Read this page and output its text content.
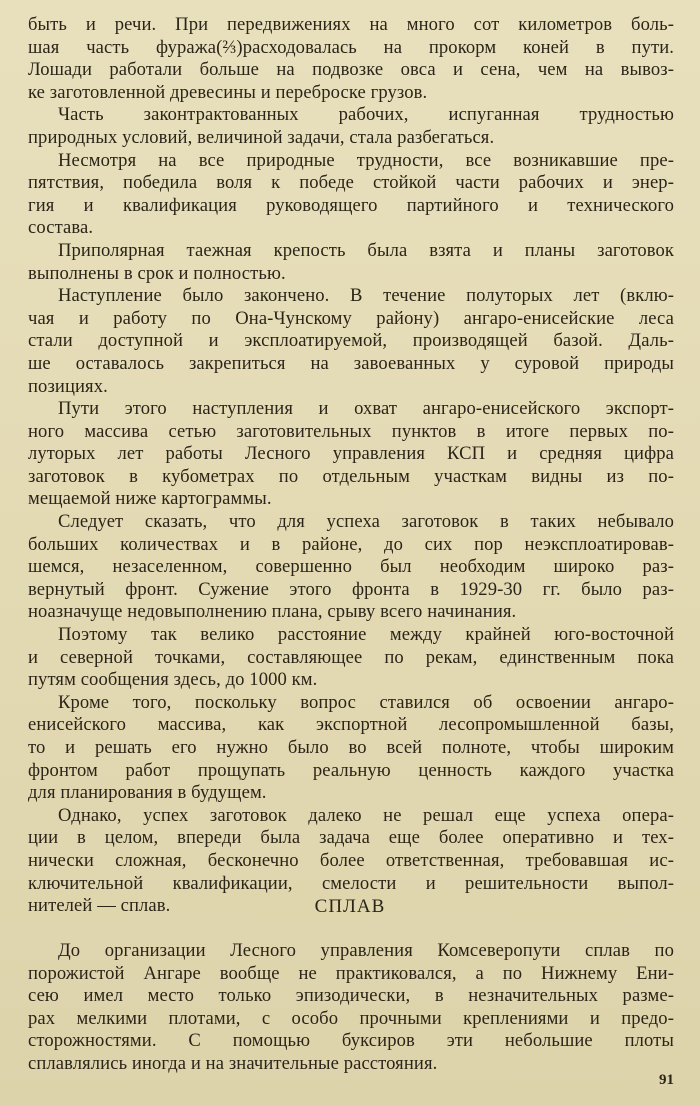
быть и речи. При передвижениях на много сот километров боль-
шая часть фуража(⅔)расходовалась на прокорм коней в пути.
Лошади работали больше на подвозке овса и сена, чем на вывоз-
ке заготовленной древесины и переброске грузов.
Часть законтрактованных рабочих, испуганная трудностью
природных условий, величиной задачи, стала разбегаться.
Несмотря на все природные трудности, все возникавшие пре-
пятствия, победила воля к победе стойкой части рабочих и энер-
гия и квалификация руководящего партийного и технического
состава.
Приполярная таежная крепость была взята и планы заготовок
выполнены в срок и полностью.
Наступление было закончено. В течение полуторых лет (вклю-
чая и работу по Она-Чунскому району) ангаро-енисейские леса
стали доступной и эксплоатируемой, производящей базой. Даль-
ше оставалось закрепиться на завоеванных у суровой природы
позициях.
Пути этого наступления и охват ангаро-енисейского экспорт-
ного массива сетью заготовительных пунктов в итоге первых по-
луторых лет работы Лесного управления КСП и средняя цифра
заготовок в кубометрах по отдельным участкам видны из по-
мещаемой ниже картограммы.
Следует сказать, что для успеха заготовок в таких небывало
больших количествах и в районе, до сих пор неэксплоатировав-
шемся, незаселенном, совершенно был необходим широко раз-
вернутый фронт. Сужение этого фронта в 1929-30 гг. было раз-
ноазначуще недовыполнению плана, срыву всего начинания.
Поэтому так велико расстояние между крайней юго-восточной
и северной точками, составляющее по рекам, единственным пока
путям сообщения здесь, до 1000 км.
Кроме того, поскольку вопрос ставился об освоении ангаро-
енисейского массива, как экспортной лесопромышленной базы,
то и решать его нужно было во всей полноте, чтобы широким
фронтом работ прощупать реальную ценность каждого участка
для планирования в будущем.
Однако, успех заготовок далеко не решал еще успеха опера-
ции в целом, впереди была задача еще более оперативно и тех-
нически сложная, бесконечно более ответственная, требовавшая ис-
ключительной квалификации, смелости и решительности выпол-
нителей — сплав.	СПЛАВ
До организации Лесного управления Комсеверопути сплав по
порожистой Ангаре вообще не практиковался, а по Нижнему Ени-
сею имел место только эпизодически, в незначительных разме-
рах мелкими плотами, с особо прочными креплениями и предо-
сторожностями. С помощью буксиров эти небольшие плоты
сплавлялись иногда и на значительные расстояния.
91
